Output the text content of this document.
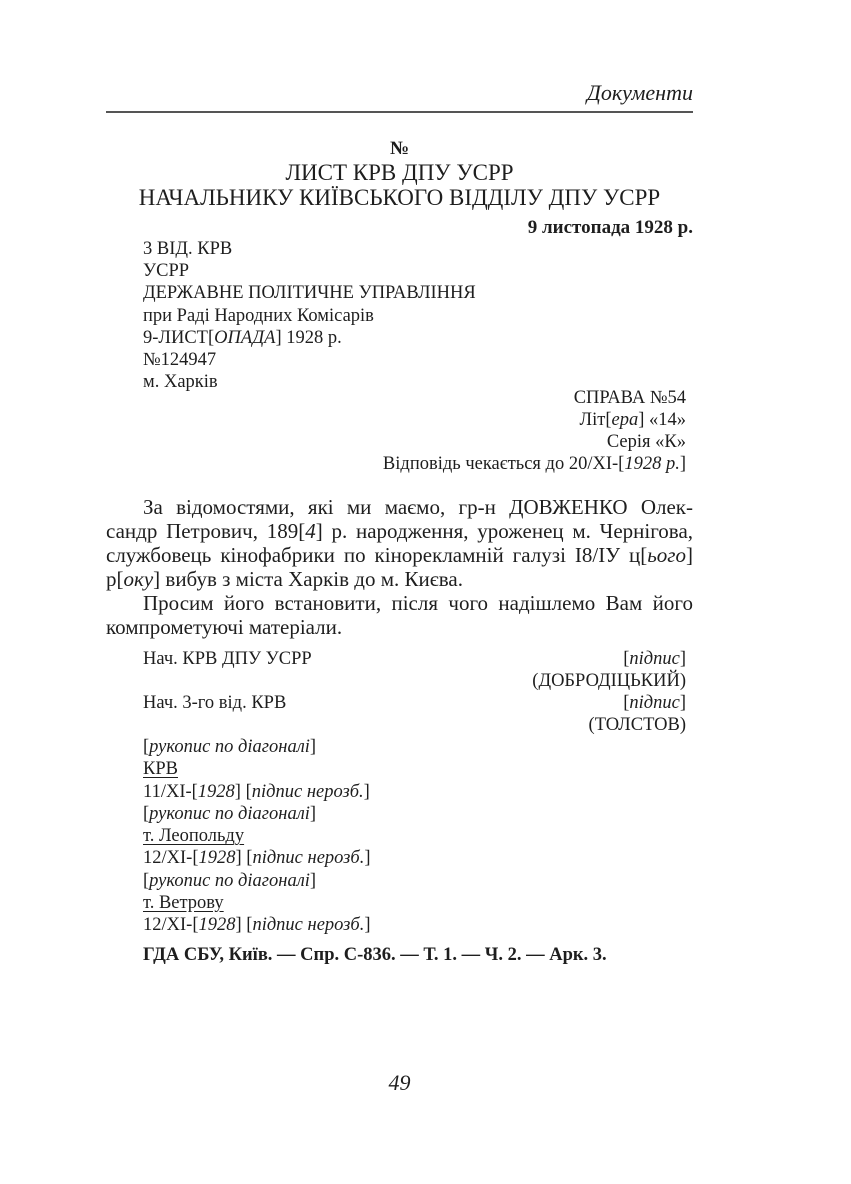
Документи
№
ЛИСТ КРВ ДПУ УСРР
НАЧАЛЬНИКУ КИЇВСЬКОГО ВІДДІЛУ ДПУ УСРР
9 листопада 1928 р.
3 ВІД. КРВ
УСРР
ДЕРЖАВНЕ ПОЛІТИЧНЕ УПРАВЛІННЯ
при Раді Народних Комісарів
9-ЛИСТ[ОПАДА] 1928 р.
№124947
м. Харків
СПРАВА №54
Літ[ера] «14»
Серія «К»
Відповідь чекається до 20/XI-[1928 р.]

За відомостями, які ми маємо, гр-н ДОВЖЕНКО Олек-
сандр Петрович, 189[4] р. народження, уроженец м. Чернігова,
службовець кінофабрики по кінорекламній галузі I8/IУ ц[ього]
р[оку] вибув з міста Харків до м. Києва.

Просим його встановити, після чого надішлемо Вам його
компрометуючі матеріали.

Нач. КРВ ДПУ УСРР	[підпис]
(ДОБРОДІЦЬКИЙ)
Нач. 3-го від. КРВ	[підпис]
(ТОЛСТОВ)
[рукопис по діагоналі]
КРВ
11/XI-[1928] [підпис нерозб.]
[рукопис по діагоналі]
т. Леопольду
12/XI-[1928] [підпис нерозб.]
[рукопис по діагоналі]
т. Ветрову
12/XI-[1928] [підпис нерозб.]
ГДА СБУ, Київ. — Спр. С-836. — Т. 1. — Ч. 2. — Арк. 3.
49
